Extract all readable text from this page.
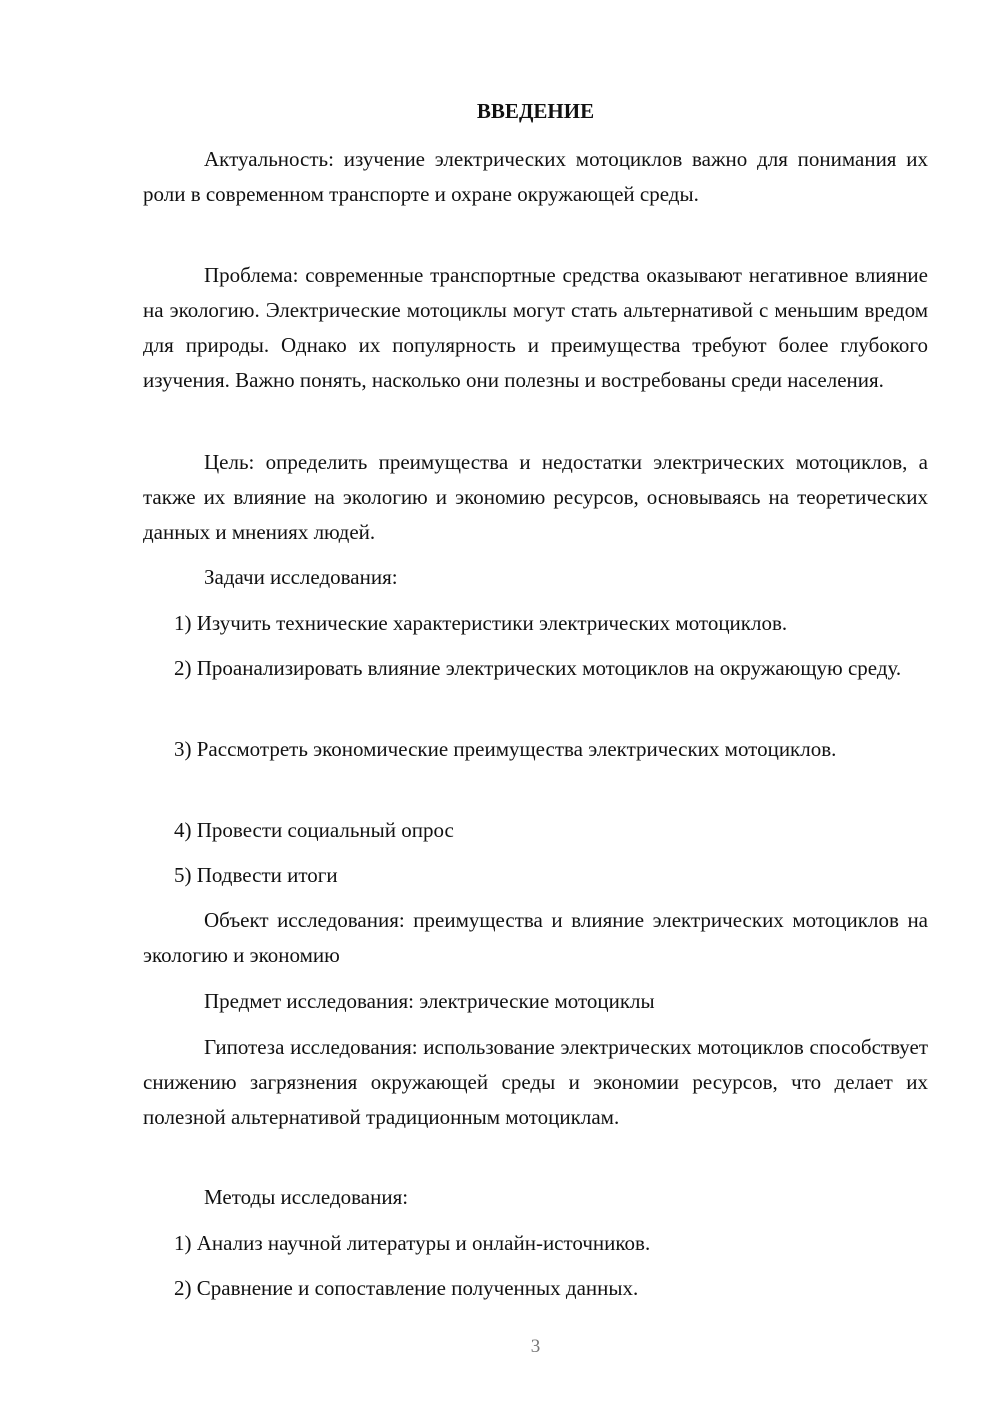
ВВЕДЕНИЕ

Актуальность: изучение электрических мотоциклов важно для понимания их роли в современном транспорте и охране окружающей среды.

Проблема: современные транспортные средства оказывают негативное влияние на экологию. Электрические мотоциклы могут стать альтернативой с меньшим вредом для природы. Однако их популярность и преимущества требуют более глубокого изучения. Важно понять, насколько они полезны и востребованы среди населения.

Цель: определить преимущества и недостатки электрических мотоциклов, а также их влияние на экологию и экономию ресурсов, основываясь на теоретических данных и мнениях людей.

Задачи исследования:

1) Изучить технические характеристики электрических мотоциклов.

2) Проанализировать влияние электрических мотоциклов на окружающую среду.

3) Рассмотреть экономические преимущества электрических мотоциклов.

4) Провести социальный опрос

5) Подвести итоги

Объект исследования: преимущества и влияние электрических мотоциклов на экологию и экономию

Предмет исследования: электрические мотоциклы

Гипотеза исследования: использование электрических мотоциклов способствует снижению загрязнения окружающей среды и экономии ресурсов, что делает их полезной альтернативой традиционным мотоциклам.

Методы исследования:

1) Анализ научной литературы и онлайн-источников.

2) Сравнение и сопоставление полученных данных.

3
